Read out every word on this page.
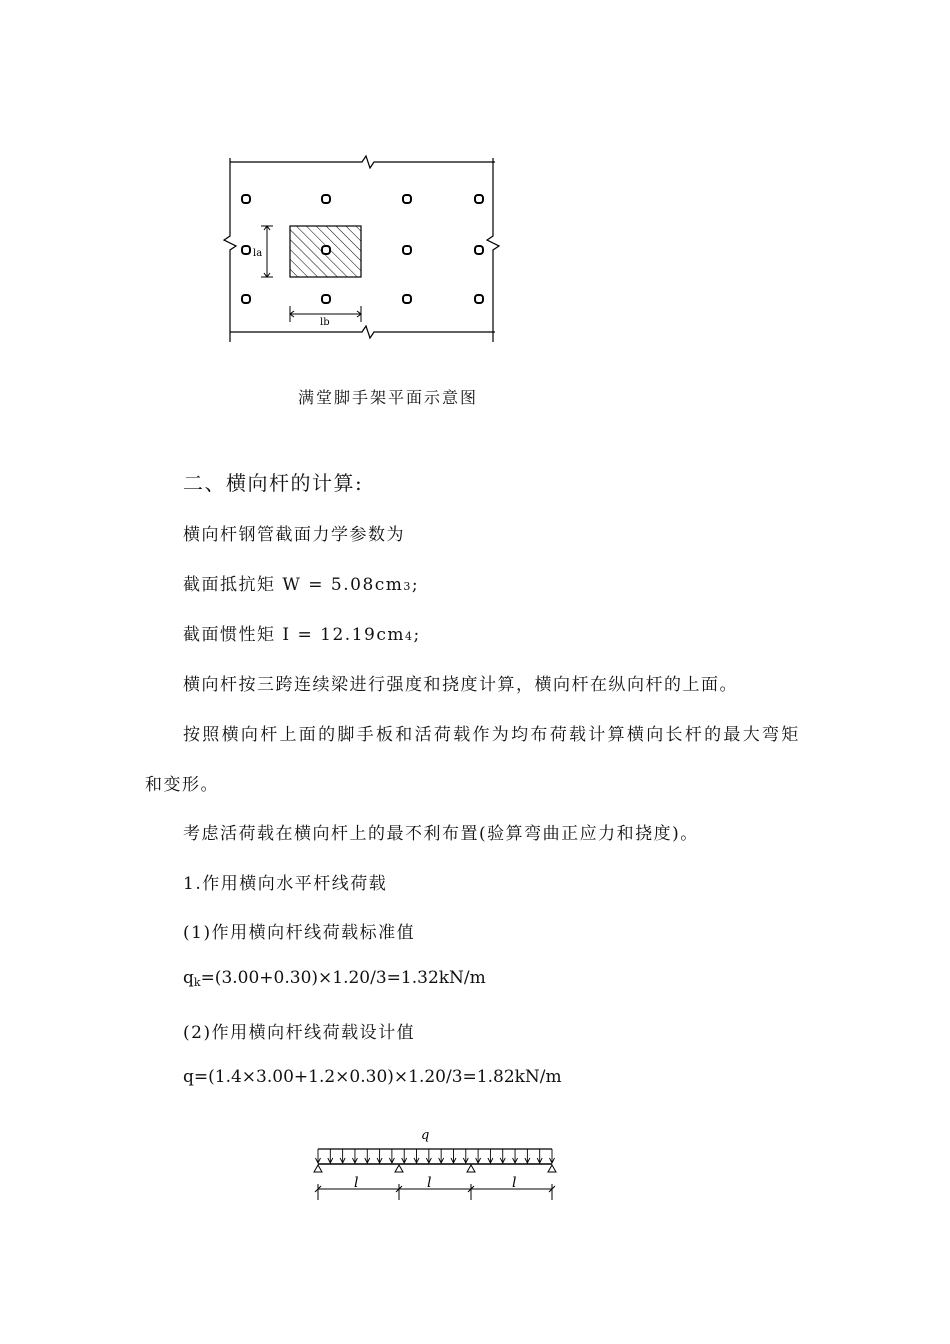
la
lb
满堂脚手架平面示意图
二、横向杆的计算:
横向杆钢管截面力学参数为
截面抵抗矩 W = 5.08cm3;
截面惯性矩 I = 12.19cm4;
横向杆按三跨连续梁进行强度和挠度计算，横向杆在纵向杆的上面。
按照横向杆上面的脚手板和活荷载作为均布荷载计算横向长杆的最大弯矩
和变形。
考虑活荷载在横向杆上的最不利布置(验算弯曲正应力和挠度)。
1.作用横向水平杆线荷载
(1)作用横向杆线荷载标准值
$q_k=(3.00+0.30)\times 1.20/3=1.32kN/m$
(2)作用横向杆线荷载设计值
q=(1.4×3.00+1.2×0.30)×1.20/3=1.82kN/m
q
l	l	l
